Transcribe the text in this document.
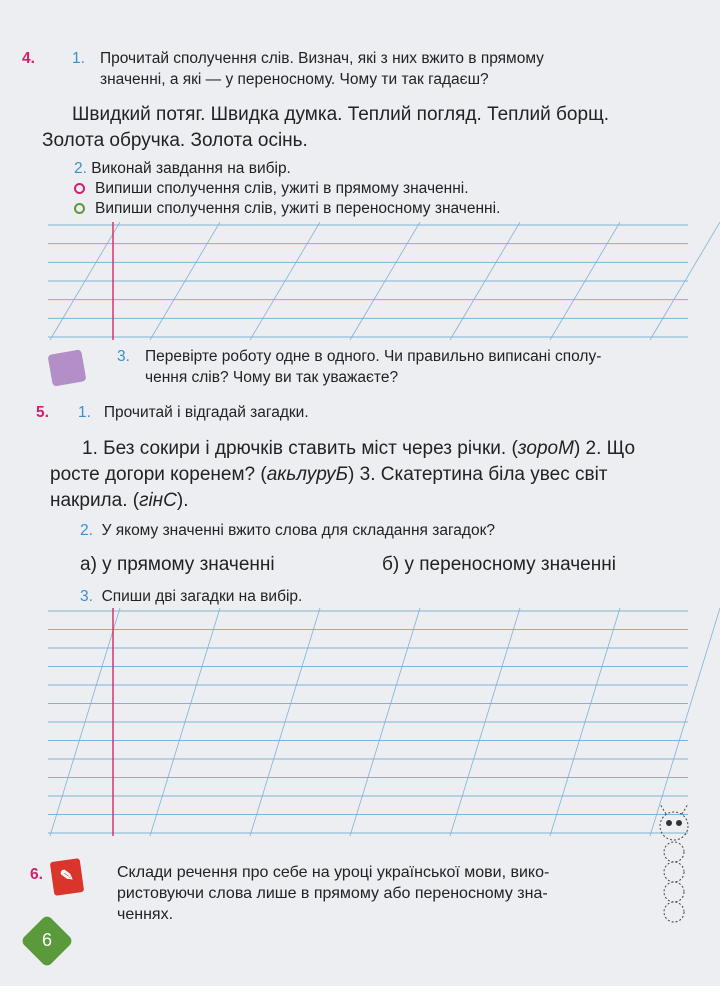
4. 1. Прочитай сполучення слів. Визнач, які з них вжито в прямому
значенні, а які — у переносному. Чому ти так гадаєш?
Швидкий потяг. Швидка думка. Теплий погляд. Теплий борщ.
Золота обручка. Золота осінь.
2. Виконай завдання на вибір.
Випиши сполучення слів, ужиті в прямому значенні.
Випиши сполучення слів, ужиті в переносному значенні.
3. Перевірте роботу одне в одного. Чи правильно виписані сполу-
чення слів? Чому ви так уважаєте?
5. 1. Прочитай і відгадай загадки.
1. Без сокири і дрючків ставить міст через річки. (зороМ) 2. Що
росте догори коренем? (акьлуруБ) 3. Скатертина біла увес світ
накрила. (гінС).
2. У якому значенні вжито слова для складання загадок?
а) у прямому значенні	б) у переносному значенні
3. Спиши дві загадки на вибір.
6.	✎	Склади речення про себе на уроці української мови, вико-
ристовуючи слова лише в прямому або переносному зна-
ченнях.
6
